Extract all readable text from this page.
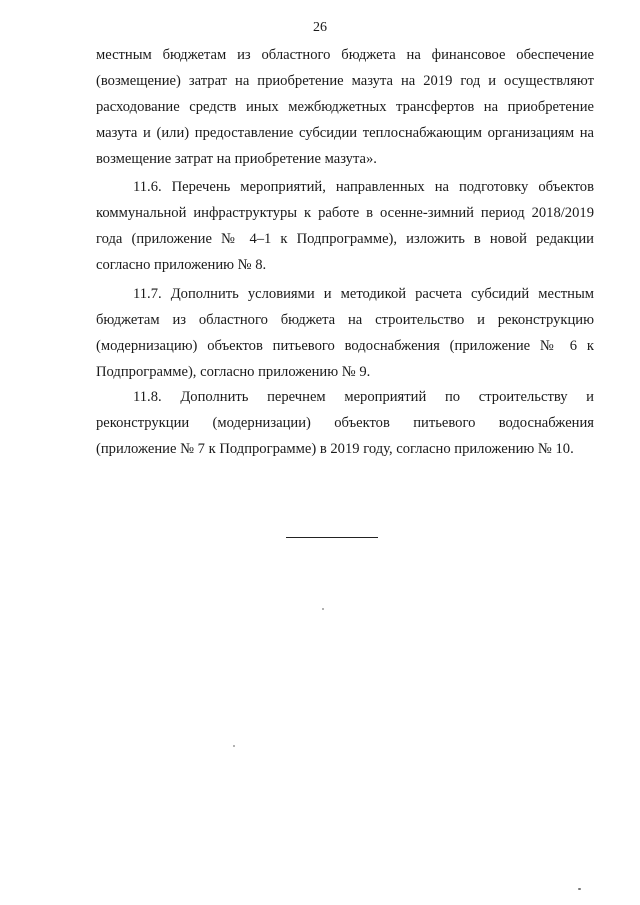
26

местным бюджетам из областного бюджета на финансовое обеспечение (возмещение) затрат на приобретение мазута на 2019 год и осуществляют расходование средств иных межбюджетных трансфертов на приобретение мазута и (или) предоставление субсидии теплоснабжающим организациям на возмещение затрат на приобретение мазута».

11.6. Перечень мероприятий, направленных на подготовку объектов коммунальной инфраструктуры к работе в осенне-зимний период 2018/2019 года (приложение № 4–1 к Подпрограмме), изложить в новой редакции согласно приложению № 8.

11.7. Дополнить условиями и методикой расчета субсидий местным бюджетам из областного бюджета на строительство и реконструкцию (модернизацию) объектов питьевого водоснабжения (приложение № 6 к Подпрограмме), согласно приложению № 9.

11.8. Дополнить перечнем мероприятий по строительству и реконструкции (модернизации) объектов питьевого водоснабжения (приложение № 7 к Подпрограмме) в 2019 году, согласно приложению № 10.
